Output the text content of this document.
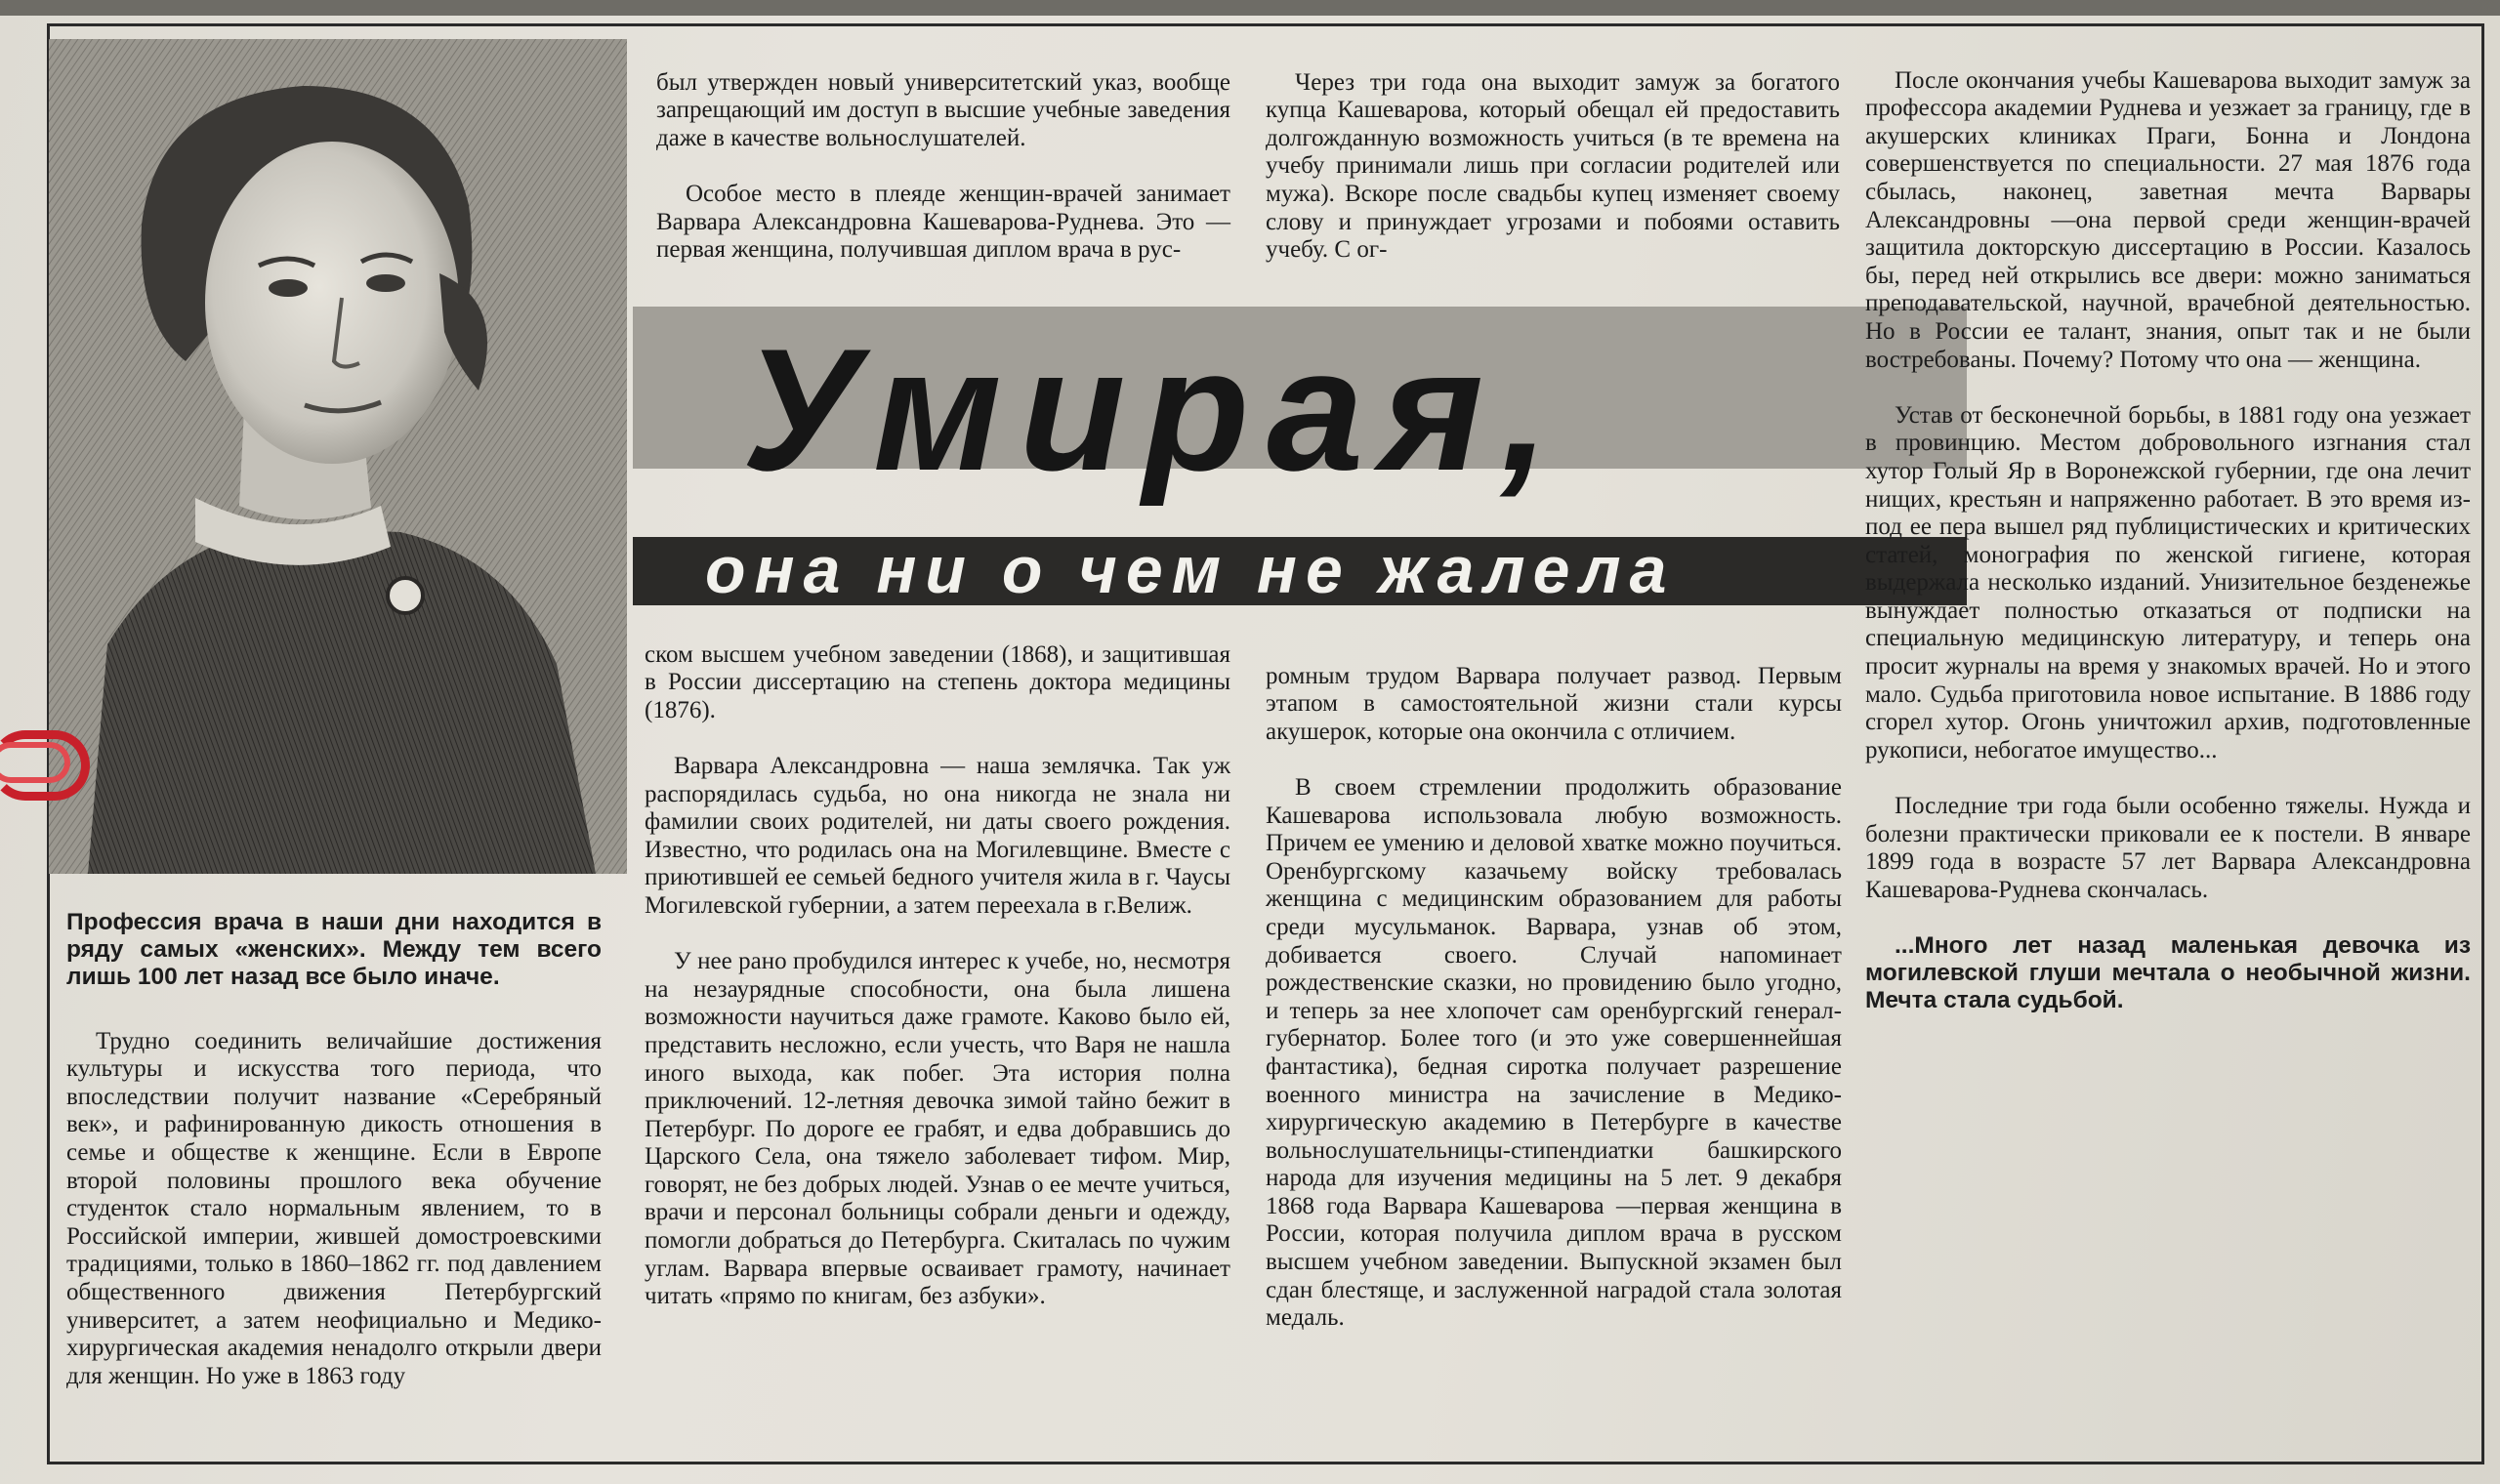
Умирая,
она ни о чем не жалела

Профессия врача в наши дни находится в ряду самых «женских». Между тем всего лишь 100 лет назад все было иначе.

Трудно соединить величайшие достижения культуры и искусства того периода, что впоследствии получит название «Серебряный век», и рафинированную дикость отношения в семье и обществе к женщине. Если в Европе второй половины прошлого века обучение студенток стало нормальным явлением, то в Российской империи, жившей домостроевскими традициями, только в 1860–1862 гг. под давлением общественного движения Петербургский университет, а затем неофициально и Медико-хирургическая академия ненадолго открыли двери для женщин. Но уже в 1863 году

был утвержден новый университетский указ, вообще запрещающий им доступ в высшие учебные заведения даже в качестве вольнослушателей.

Особое место в плеяде женщин-врачей занимает Варвара Александровна Кашеварова-Руднева. Это — первая женщина, получившая диплом врача в рус-

ском высшем учебном заведении (1868), и защитившая в России диссертацию на степень доктора медицины (1876).

Варвара Александровна — наша землячка. Так уж распорядилась судьба, но она никогда не знала ни фамилии своих родителей, ни даты своего рождения. Известно, что родилась она на Могилевщине. Вместе с приютившей ее семьей бедного учителя жила в г. Чаусы Могилевской губернии, а затем переехала в г.Велиж.

У нее рано пробудился интерес к учебе, но, несмотря на незаурядные способности, она была лишена возможности научиться даже грамоте. Каково было ей, представить несложно, если учесть, что Варя не нашла иного выхода, как побег. Эта история полна приключений. 12-летняя девочка зимой тайно бежит в Петербург. По дороге ее грабят, и едва добравшись до Царского Села, она тяжело заболевает тифом. Мир, говорят, не без добрых людей. Узнав о ее мечте учиться, врачи и персонал больницы собрали деньги и одежду, помогли добраться до Петербурга. Скиталась по чужим углам. Варвара впервые осваивает грамоту, начинает читать «прямо по книгам, без азбуки».

Через три года она выходит замуж за богатого купца Кашеварова, который обещал ей предоставить долгожданную возможность учиться (в те времена на учебу принимали лишь при согласии родителей или мужа). Вскоре после свадьбы купец изменяет своему слову и принуждает угрозами и побоями оставить учебу. С ог-

ромным трудом Варвара получает развод. Первым этапом в самостоятельной жизни стали курсы акушерок, которые она окончила с отличием.

В своем стремлении продолжить образование Кашеварова использовала любую возможность. Причем ее умению и деловой хватке можно поучиться. Оренбургскому казачьему войску требовалась женщина с медицинским образованием для работы среди мусульманок. Варвара, узнав об этом, добивается своего. Случай напоминает рождественские сказки, но провидению было угодно, и теперь за нее хлопочет сам оренбургский генерал-губернатор. Более того (и это уже совершеннейшая фантастика), бедная сиротка получает разрешение военного министра на зачисление в Медико-хирургическую академию в Петербурге в качестве вольнослушательницы-стипендиатки башкирского народа для изучения медицины на 5 лет. 9 декабря 1868 года Варвара Кашеварова —первая женщина в России, которая получила диплом врача в русском высшем учебном заведении. Выпускной экзамен был сдан блестяще, и заслуженной наградой стала золотая медаль.

После окончания учебы Кашеварова выходит замуж за профессора академии Руднева и уезжает за границу, где в акушерских клиниках Праги, Бонна и Лондона совершенствуется по специальности. 27 мая 1876 года сбылась, наконец, заветная мечта Варвары Александровны —она первой среди женщин-врачей защитила докторскую диссертацию в России. Казалось бы, перед ней открылись все двери: можно заниматься преподавательской, научной, врачебной деятельностью. Но в России ее талант, знания, опыт так и не были востребованы. Почему? Потому что она — женщина.

Устав от бесконечной борьбы, в 1881 году она уезжает в провинцию. Местом добровольного изгнания стал хутор Голый Яр в Воронежской губернии, где она лечит нищих, крестьян и напряженно работает. В это время из-под ее пера вышел ряд публицистических и критических статей, монография по женской гигиене, которая выдержала несколько изданий. Унизительное безденежье вынуждает полностью отказаться от подписки на специальную медицинскую литературу, и теперь она просит журналы на время у знакомых врачей. Но и этого мало. Судьба приготовила новое испытание. В 1886 году сгорел хутор. Огонь уничтожил архив, подготовленные рукописи, небогатое имущество...

Последние три года были особенно тяжелы. Нужда и болезни практически приковали ее к постели. В январе 1899 года в возрасте 57 лет Варвара Александровна Кашеварова-Руднева скончалась.

...Много лет назад маленькая девочка из могилевской глуши мечтала о необычной жизни. Мечта стала судьбой.
